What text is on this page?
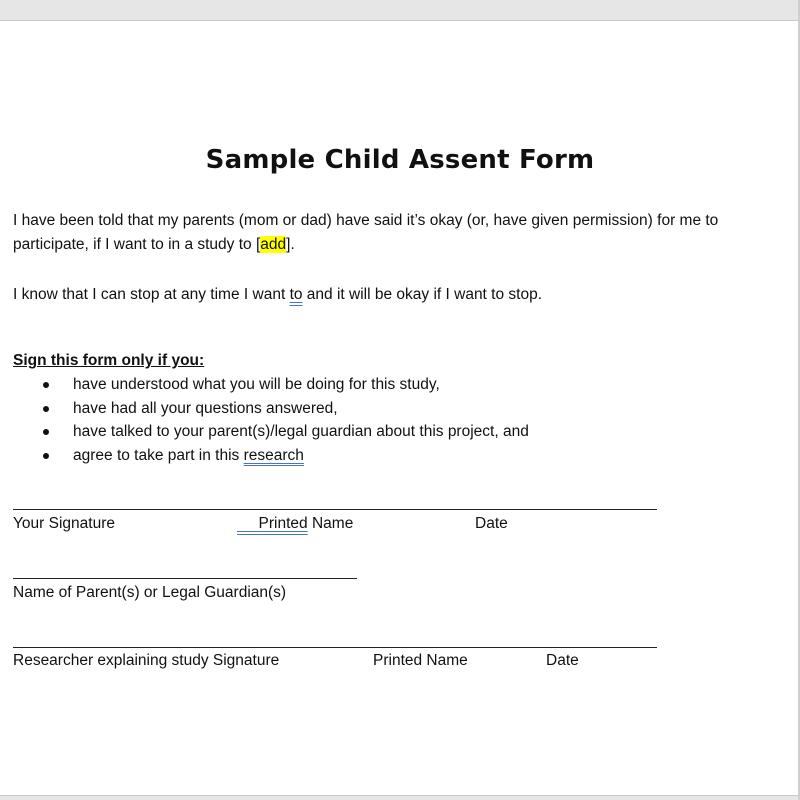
Sample Child Assent Form

I have been told that my parents (mom or dad) have said it’s okay (or, have given permission) for me to participate, if I want to in a study to [add].

I know that I can stop at any time I want to and it will be okay if I want to stop.

Sign this form only if you:
have understood what you will be doing for this study,
have had all your questions answered,
have talked to your parent(s)/legal guardian about this project, and
agree to take part in this research
Your Signature	Printed Name	Date
Name of Parent(s) or Legal Guardian(s)
Researcher explaining study Signature	Printed Name	Date
